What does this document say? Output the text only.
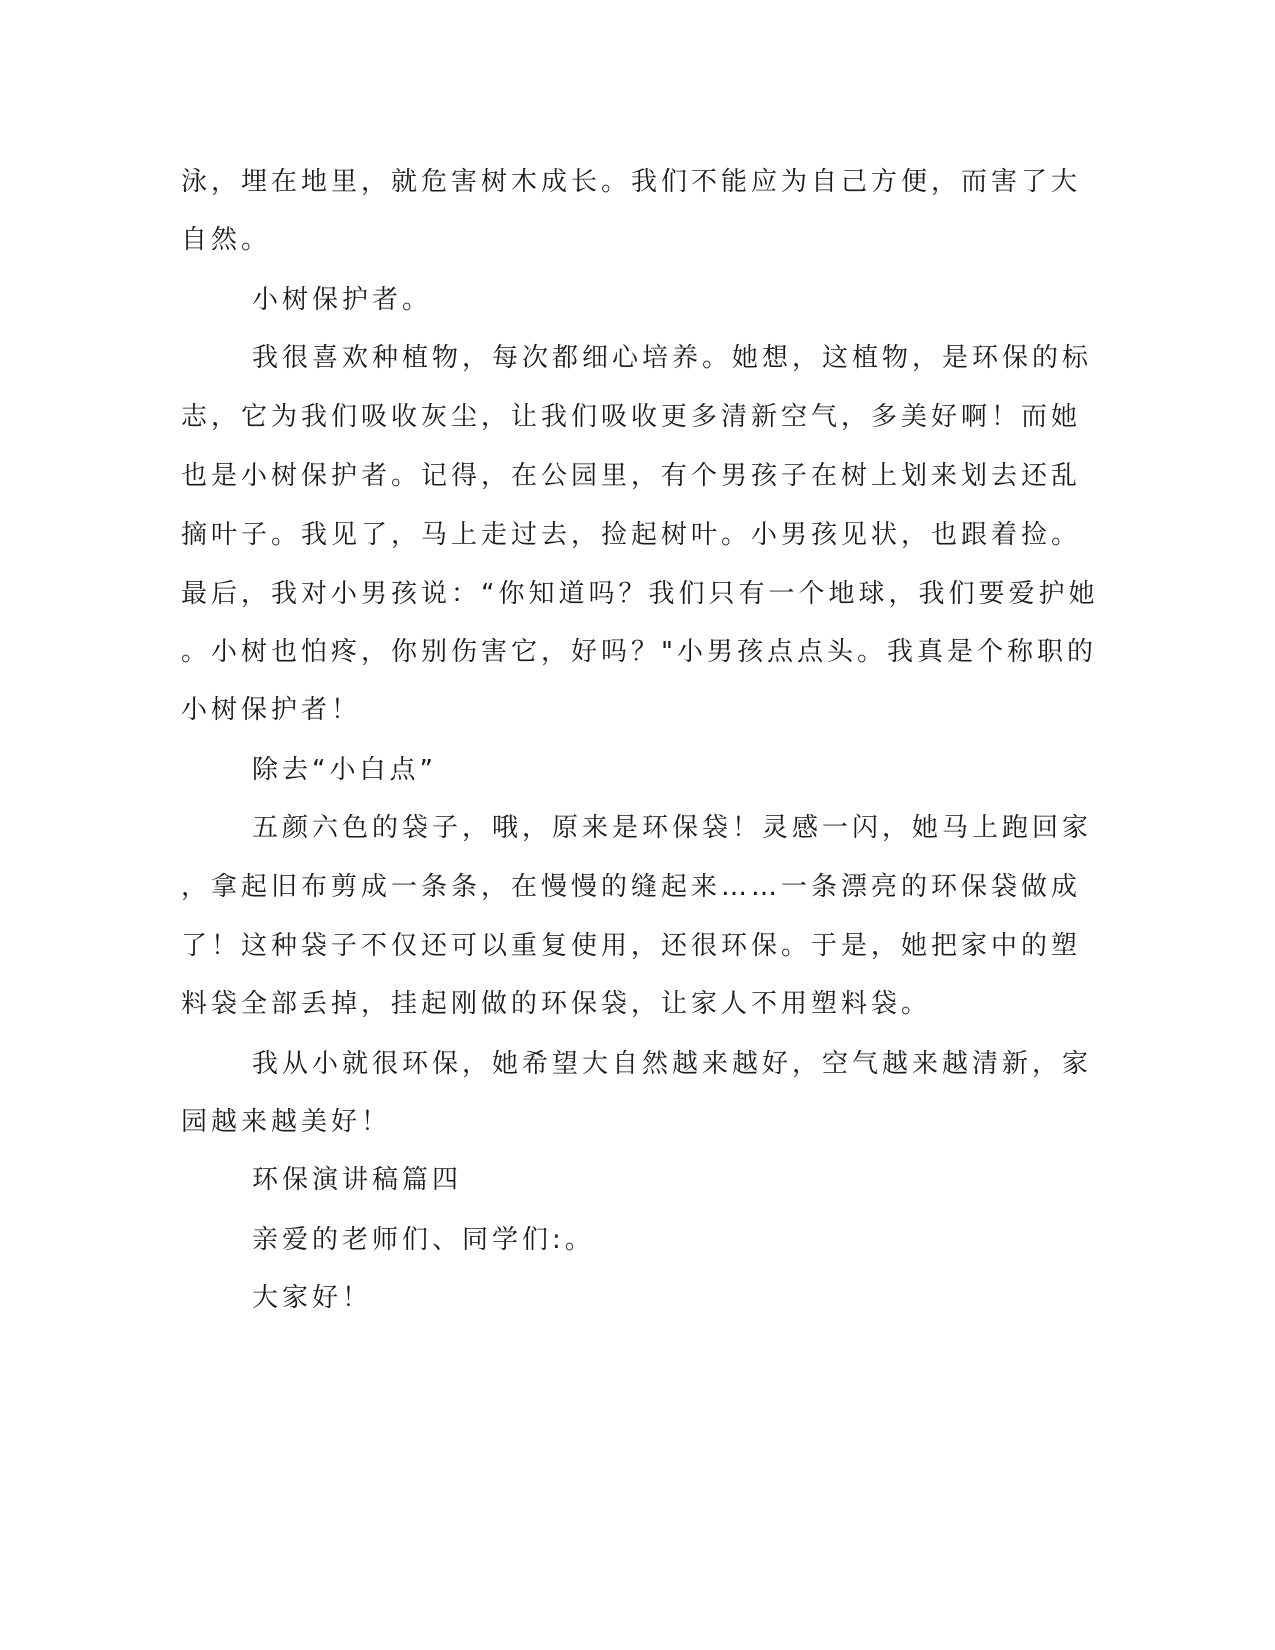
泳，埋在地里，就危害树木成长。我们不能应为自己方便，而害了大
自然。
小树保护者。
我很喜欢种植物，每次都细心培养。她想，这植物，是环保的标
志，它为我们吸收灰尘，让我们吸收更多清新空气，多美好啊！而她
也是小树保护者。记得，在公园里，有个男孩子在树上划来划去还乱
摘叶子。我见了，马上走过去，捡起树叶。小男孩见状，也跟着捡。
最后，我对小男孩说：“你知道吗？我们只有一个地球，我们要爱护她
。小树也怕疼，你别伤害它，好吗？"小男孩点点头。我真是个称职的
小树保护者！
除去“小白点”
五颜六色的袋子，哦，原来是环保袋！灵感一闪，她马上跑回家
，拿起旧布剪成一条条，在慢慢的缝起来……一条漂亮的环保袋做成
了！这种袋子不仅还可以重复使用，还很环保。于是，她把家中的塑
料袋全部丢掉，挂起刚做的环保袋，让家人不用塑料袋。
我从小就很环保，她希望大自然越来越好，空气越来越清新，家
园越来越美好！
环保演讲稿篇四
亲爱的老师们、同学们:。
大家好！
